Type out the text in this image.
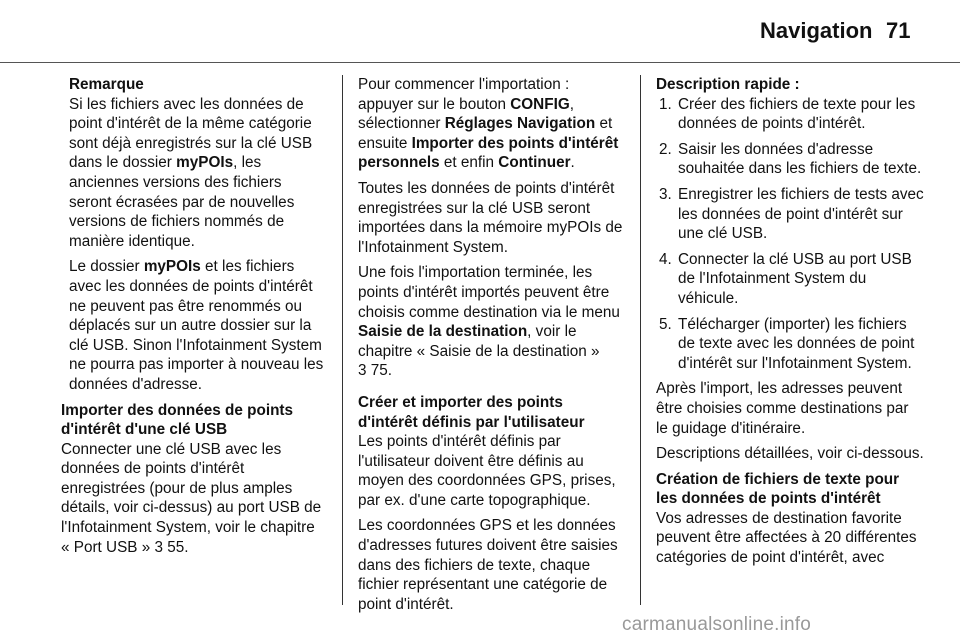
Navigation 71

Remarque

Si les fichiers avec les données de point d'intérêt de la même catégorie sont déjà enregistrés sur la clé USB dans le dossier myPOIs, les anciennes versions des fichiers seront écrasées par de nouvelles versions de fichiers nommés de manière identique.

Le dossier myPOIs et les fichiers avec les données de points d'intérêt ne peuvent pas être renommés ou déplacés sur un autre dossier sur la clé USB. Sinon l'Infotainment System ne pourra pas importer à nouveau les données d'adresse.

Importer des données de points d'intérêt d'une clé USB

Connecter une clé USB avec les données de points d'intérêt enregistrées (pour de plus amples détails, voir ci-dessus) au port USB de l'Infotainment System, voir le chapitre « Port USB » 3 55.

Pour commencer l'importation : appuyer sur le bouton CONFIG, sélectionner Réglages Navigation et ensuite Importer des points d'intérêt personnels et enfin Continuer.

Toutes les données de points d'intérêt enregistrées sur la clé USB seront importées dans la mémoire myPOIs de l'Infotainment System.

Une fois l'importation terminée, les points d'intérêt importés peuvent être choisis comme destination via le menu Saisie de la destination, voir le chapitre « Saisie de la destination »
3 75.

Créer et importer des points d'intérêt définis par l'utilisateur

Les points d'intérêt définis par l'utilisateur doivent être définis au moyen des coordonnées GPS, prises, par ex. d'une carte topographique.

Les coordonnées GPS et les données d'adresses futures doivent être saisies dans des fichiers de texte, chaque fichier représentant une catégorie de point d'intérêt.

Description rapide :

1. Créer des fichiers de texte pour les données de points d'intérêt.
2. Saisir les données d'adresse souhaitée dans les fichiers de texte.
3. Enregistrer les fichiers de tests avec les données de point d'intérêt sur une clé USB.
4. Connecter la clé USB au port USB de l'Infotainment System du véhicule.
5. Télécharger (importer) les fichiers de texte avec les données de point d'intérêt sur l'Infotainment System.

Après l'import, les adresses peuvent être choisies comme destinations par le guidage d'itinéraire.

Descriptions détaillées, voir ci-dessous.

Création de fichiers de texte pour les données de points d'intérêt

Vos adresses de destination favorite peuvent être affectées à 20 différentes catégories de point d'intérêt, avec

carmanualsonline.info
